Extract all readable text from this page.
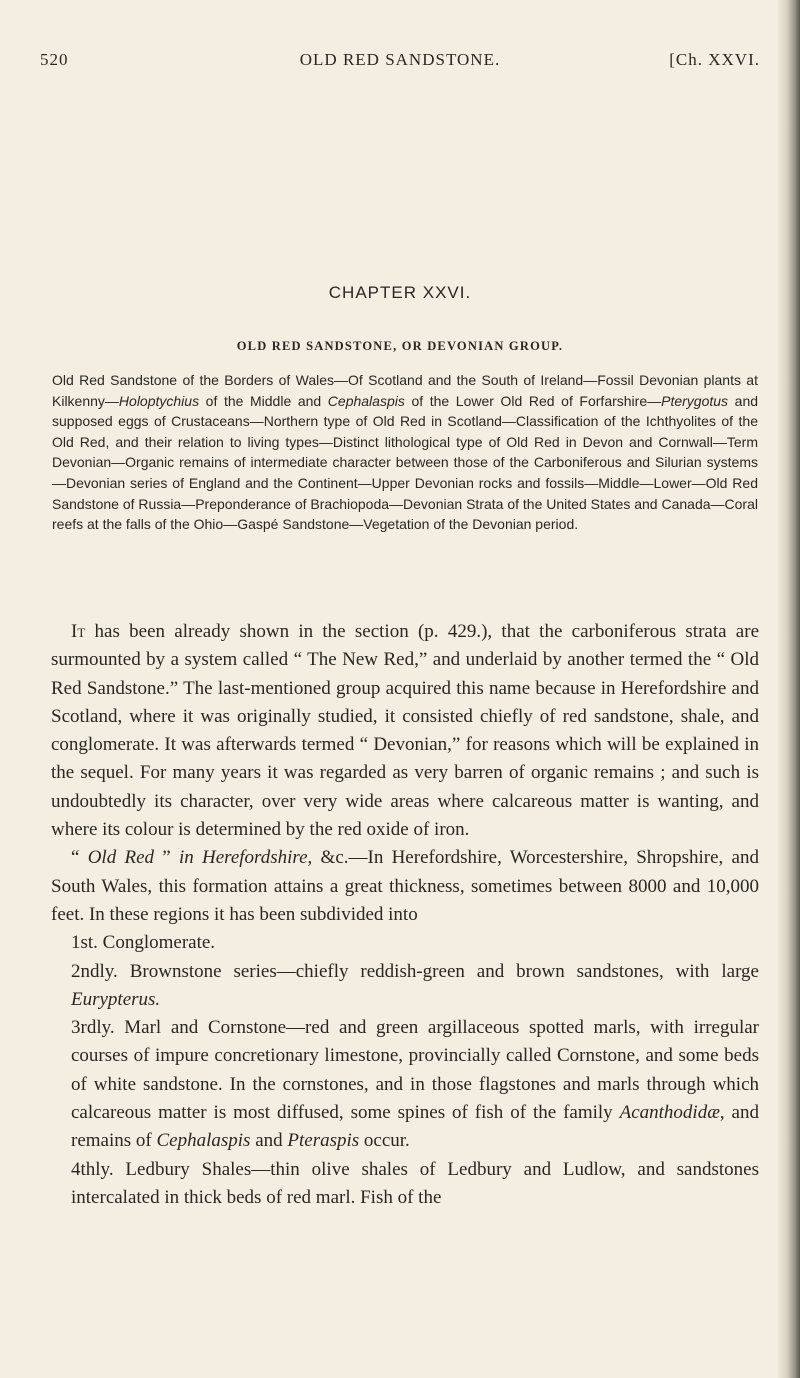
520	OLD RED SANDSTONE.	[Ch. XXVI.
CHAPTER XXVI.
OLD RED SANDSTONE, OR DEVONIAN GROUP.

Old Red Sandstone of the Borders of Wales—Of Scotland and the South of Ireland—Fossil Devonian plants at Kilkenny—Holoptychius of the Middle and Cephalaspis of the Lower Old Red of Forfarshire—Pterygotus and supposed eggs of Crustaceans—Northern type of Old Red in Scotland—Classification of the Ichthyolites of the Old Red, and their relation to living types—Distinct lithological type of Old Red in Devon and Cornwall—Term Devonian—Organic remains of intermediate character between those of the Carboniferous and Silurian systems—Devonian series of England and the Continent—Upper Devonian rocks and fossils—Middle—Lower—Old Red Sandstone of Russia—Preponderance of Brachiopoda—Devonian Strata of the United States and Canada—Coral reefs at the falls of the Ohio—Gaspé Sandstone—Vegetation of the Devonian period.

It has been already shown in the section (p. 429.), that the carboniferous strata are surmounted by a system called “ The New Red,” and underlaid by another termed the “ Old Red Sandstone.” The last-mentioned group acquired this name because in Herefordshire and Scotland, where it was originally studied, it consisted chiefly of red sandstone, shale, and conglomerate. It was afterwards termed “ Devonian,” for reasons which will be explained in the sequel. For many years it was regarded as very barren of organic remains ; and such is undoubtedly its character, over very wide areas where calcareous matter is wanting, and where its colour is determined by the red oxide of iron.

“ Old Red ” in Herefordshire, &c.—In Herefordshire, Worcestershire, Shropshire, and South Wales, this formation attains a great thickness, sometimes between 8000 and 10,000 feet. In these regions it has been subdivided into

1st. Conglomerate.

2ndly. Brownstone series—chiefly reddish-green and brown sandstones, with large Eurypterus.

3rdly. Marl and Cornstone—red and green argillaceous spotted marls, with irregular courses of impure concretionary limestone, provincially called Cornstone, and some beds of white sandstone. In the cornstones, and in those flagstones and marls through which calcareous matter is most diffused, some spines of fish of the family Acanthodidæ, and remains of Cephalaspis and Pteraspis occur.

4thly. Ledbury Shales—thin olive shales of Ledbury and Ludlow, and sandstones intercalated in thick beds of red marl. Fish of the
